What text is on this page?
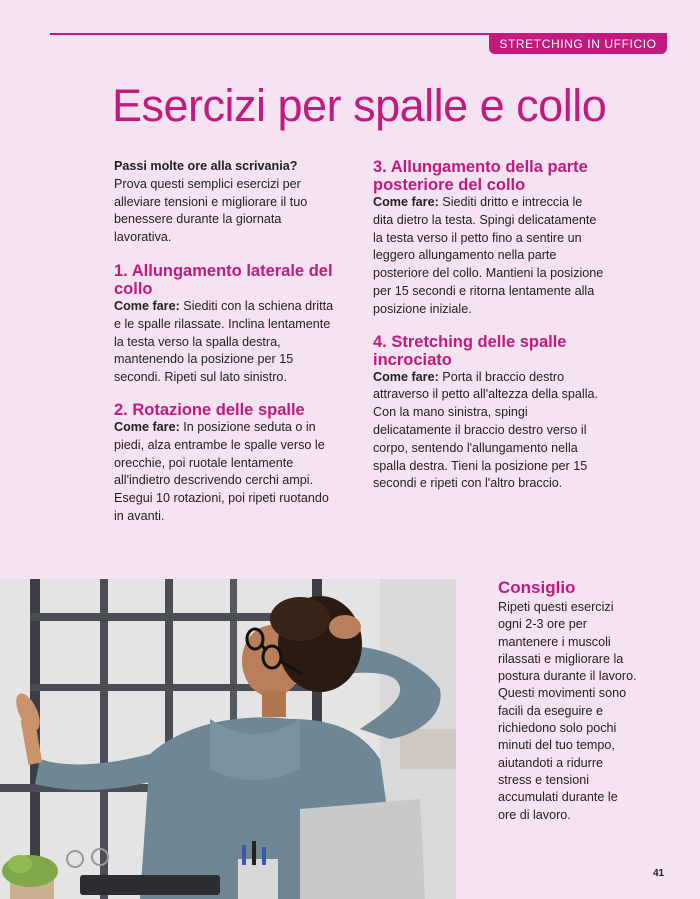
STRETCHING IN UFFICIO
Esercizi per spalle e collo

Passi molte ore alla scrivania?
Prova questi semplici esercizi per alleviare tensioni e migliorare il tuo benessere durante la giornata lavorativa.

1. Allungamento laterale del collo

Come fare: Siediti con la schiena dritta e le spalle rilassate. Inclina lentamente la testa verso la spalla destra, mantenendo la posizione per 15 secondi. Ripeti sul lato sinistro.

2. Rotazione delle spalle

Come fare: In posizione seduta o in piedi, alza entrambe le spalle verso le orecchie, poi ruotale lentamente all'indietro descrivendo cerchi ampi. Esegui 10 rotazioni, poi ripeti ruotando in avanti.

3. Allungamento della parte posteriore del collo

Come fare: Siediti dritto e intreccia le dita dietro la testa. Spingi delicatamente la testa verso il petto fino a sentire un leggero allungamento nella parte posteriore del collo. Mantieni la posizione per 15 secondi e ritorna lentamente alla posizione iniziale.

4. Stretching delle spalle incrociato

Come fare: Porta il braccio destro attraverso il petto all'altezza della spalla. Con la mano sinistra, spingi delicatamente il braccio destro verso il corpo, sentendo l'allungamento nella spalla destra. Tieni la posizione per 15 secondi e ripeti con l'altro braccio.

Consiglio

Ripeti questi esercizi ogni 2-3 ore per mantenere i muscoli rilassati e migliorare la postura durante il lavoro. Questi movimenti sono facili da eseguire e richiedono solo pochi minuti del tuo tempo, aiutandoti a ridurre stress e tensioni accumulati durante le ore di lavoro.

41
